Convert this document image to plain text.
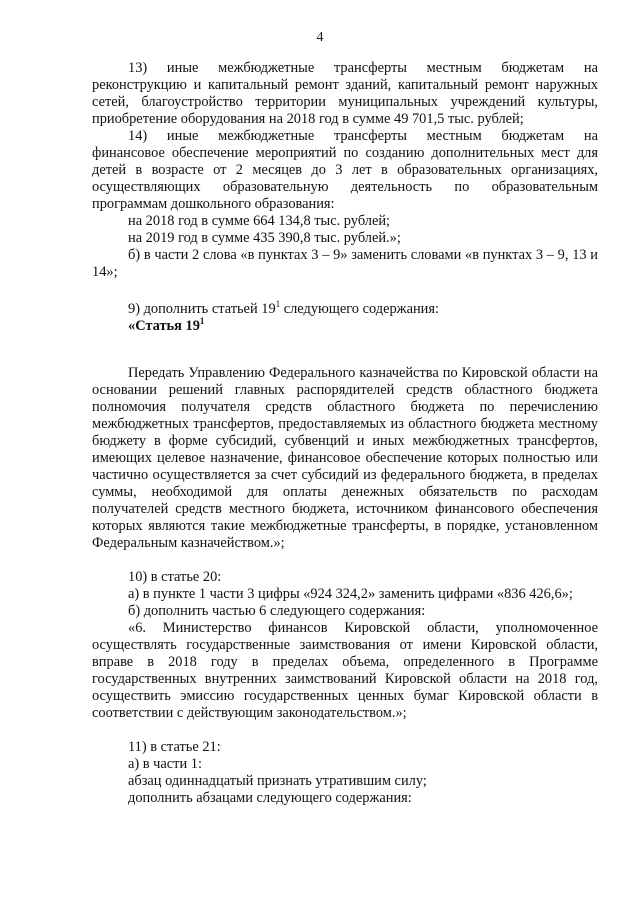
4

13) иные межбюджетные трансферты местным бюджетам на

реконструкцию и капитальный ремонт зданий, капитальный ремонт наружных сетей, благоустройство территории муниципальных учреждений культуры, приобретение оборудования на 2018 год в сумме 49 701,5 тыс. рублей;

14) иные межбюджетные трансферты местным бюджетам на

финансовое обеспечение мероприятий по созданию дополнительных мест для детей в возрасте от 2 месяцев до 3 лет в образовательных организациях, осуществляющих образовательную деятельность по образовательным программам дошкольного образования:

на 2018 год в сумме 664 134,8 тыс. рублей;

на 2019 год в сумме 435 390,8 тыс. рублей.»;

б) в части 2 слова «в пунктах 3 – 9» заменить словами «в пунктах 3 – 9, 13 и 14»;

9) дополнить статьей $19^1$ следующего содержания:

«Статья $19^1$

Передать Управлению Федерального казначейства по Кировской области на основании решений главных распорядителей средств областного бюджета полномочия получателя средств областного бюджета по перечислению межбюджетных трансфертов, предоставляемых из областного бюджета местному бюджету в форме субсидий, субвенций и иных межбюджетных трансфертов, имеющих целевое назначение, финансовое обеспечение которых полностью или частично осуществляется за счет субсидий из федерального бюджета, в пределах суммы, необходимой для оплаты денежных обязательств по расходам получателей средств местного бюджета, источником финансового обеспечения которых являются такие межбюджетные трансферты, в порядке, установленном Федеральным казначейством.»;

10) в статье 20:

а) в пункте 1 части 3 цифры «924 324,2» заменить цифрами «836 426,6»;

б) дополнить частью 6 следующего содержания:

«6. Министерство финансов Кировской области, уполномоченное осуществлять государственные заимствования от имени Кировской области, вправе в 2018 году в пределах объема, определенного в Программе государственных внутренних заимствований Кировской области на 2018 год, осуществить эмиссию государственных ценных бумаг Кировской области в соответствии с действующим законодательством.»;

11) в статье 21:

а) в части 1:

абзац одиннадцатый признать утратившим силу;

дополнить абзацами следующего содержания:
